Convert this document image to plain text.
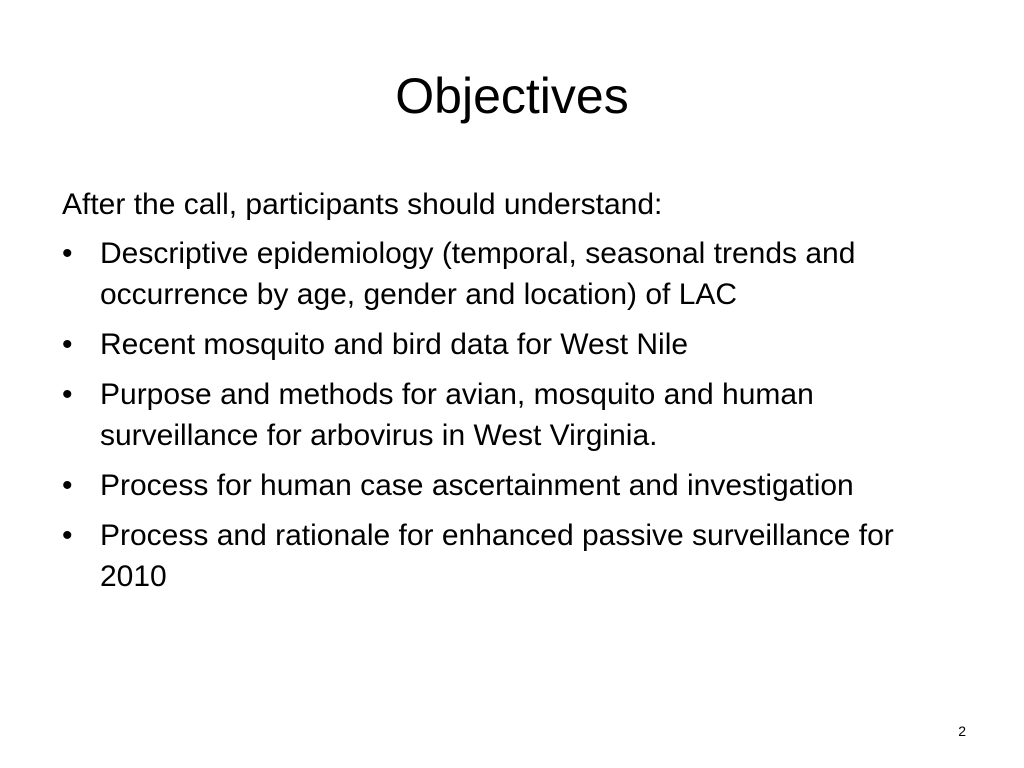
Objectives

After the call, participants should understand:

• Descriptive epidemiology (temporal, seasonal trends and occurrence by age, gender and location) of LAC
• Recent mosquito and bird data for West Nile
• Purpose and methods for avian, mosquito and human surveillance for arbovirus in West Virginia.
• Process for human case ascertainment and investigation
• Process and rationale for enhanced passive surveillance for 2010
2
